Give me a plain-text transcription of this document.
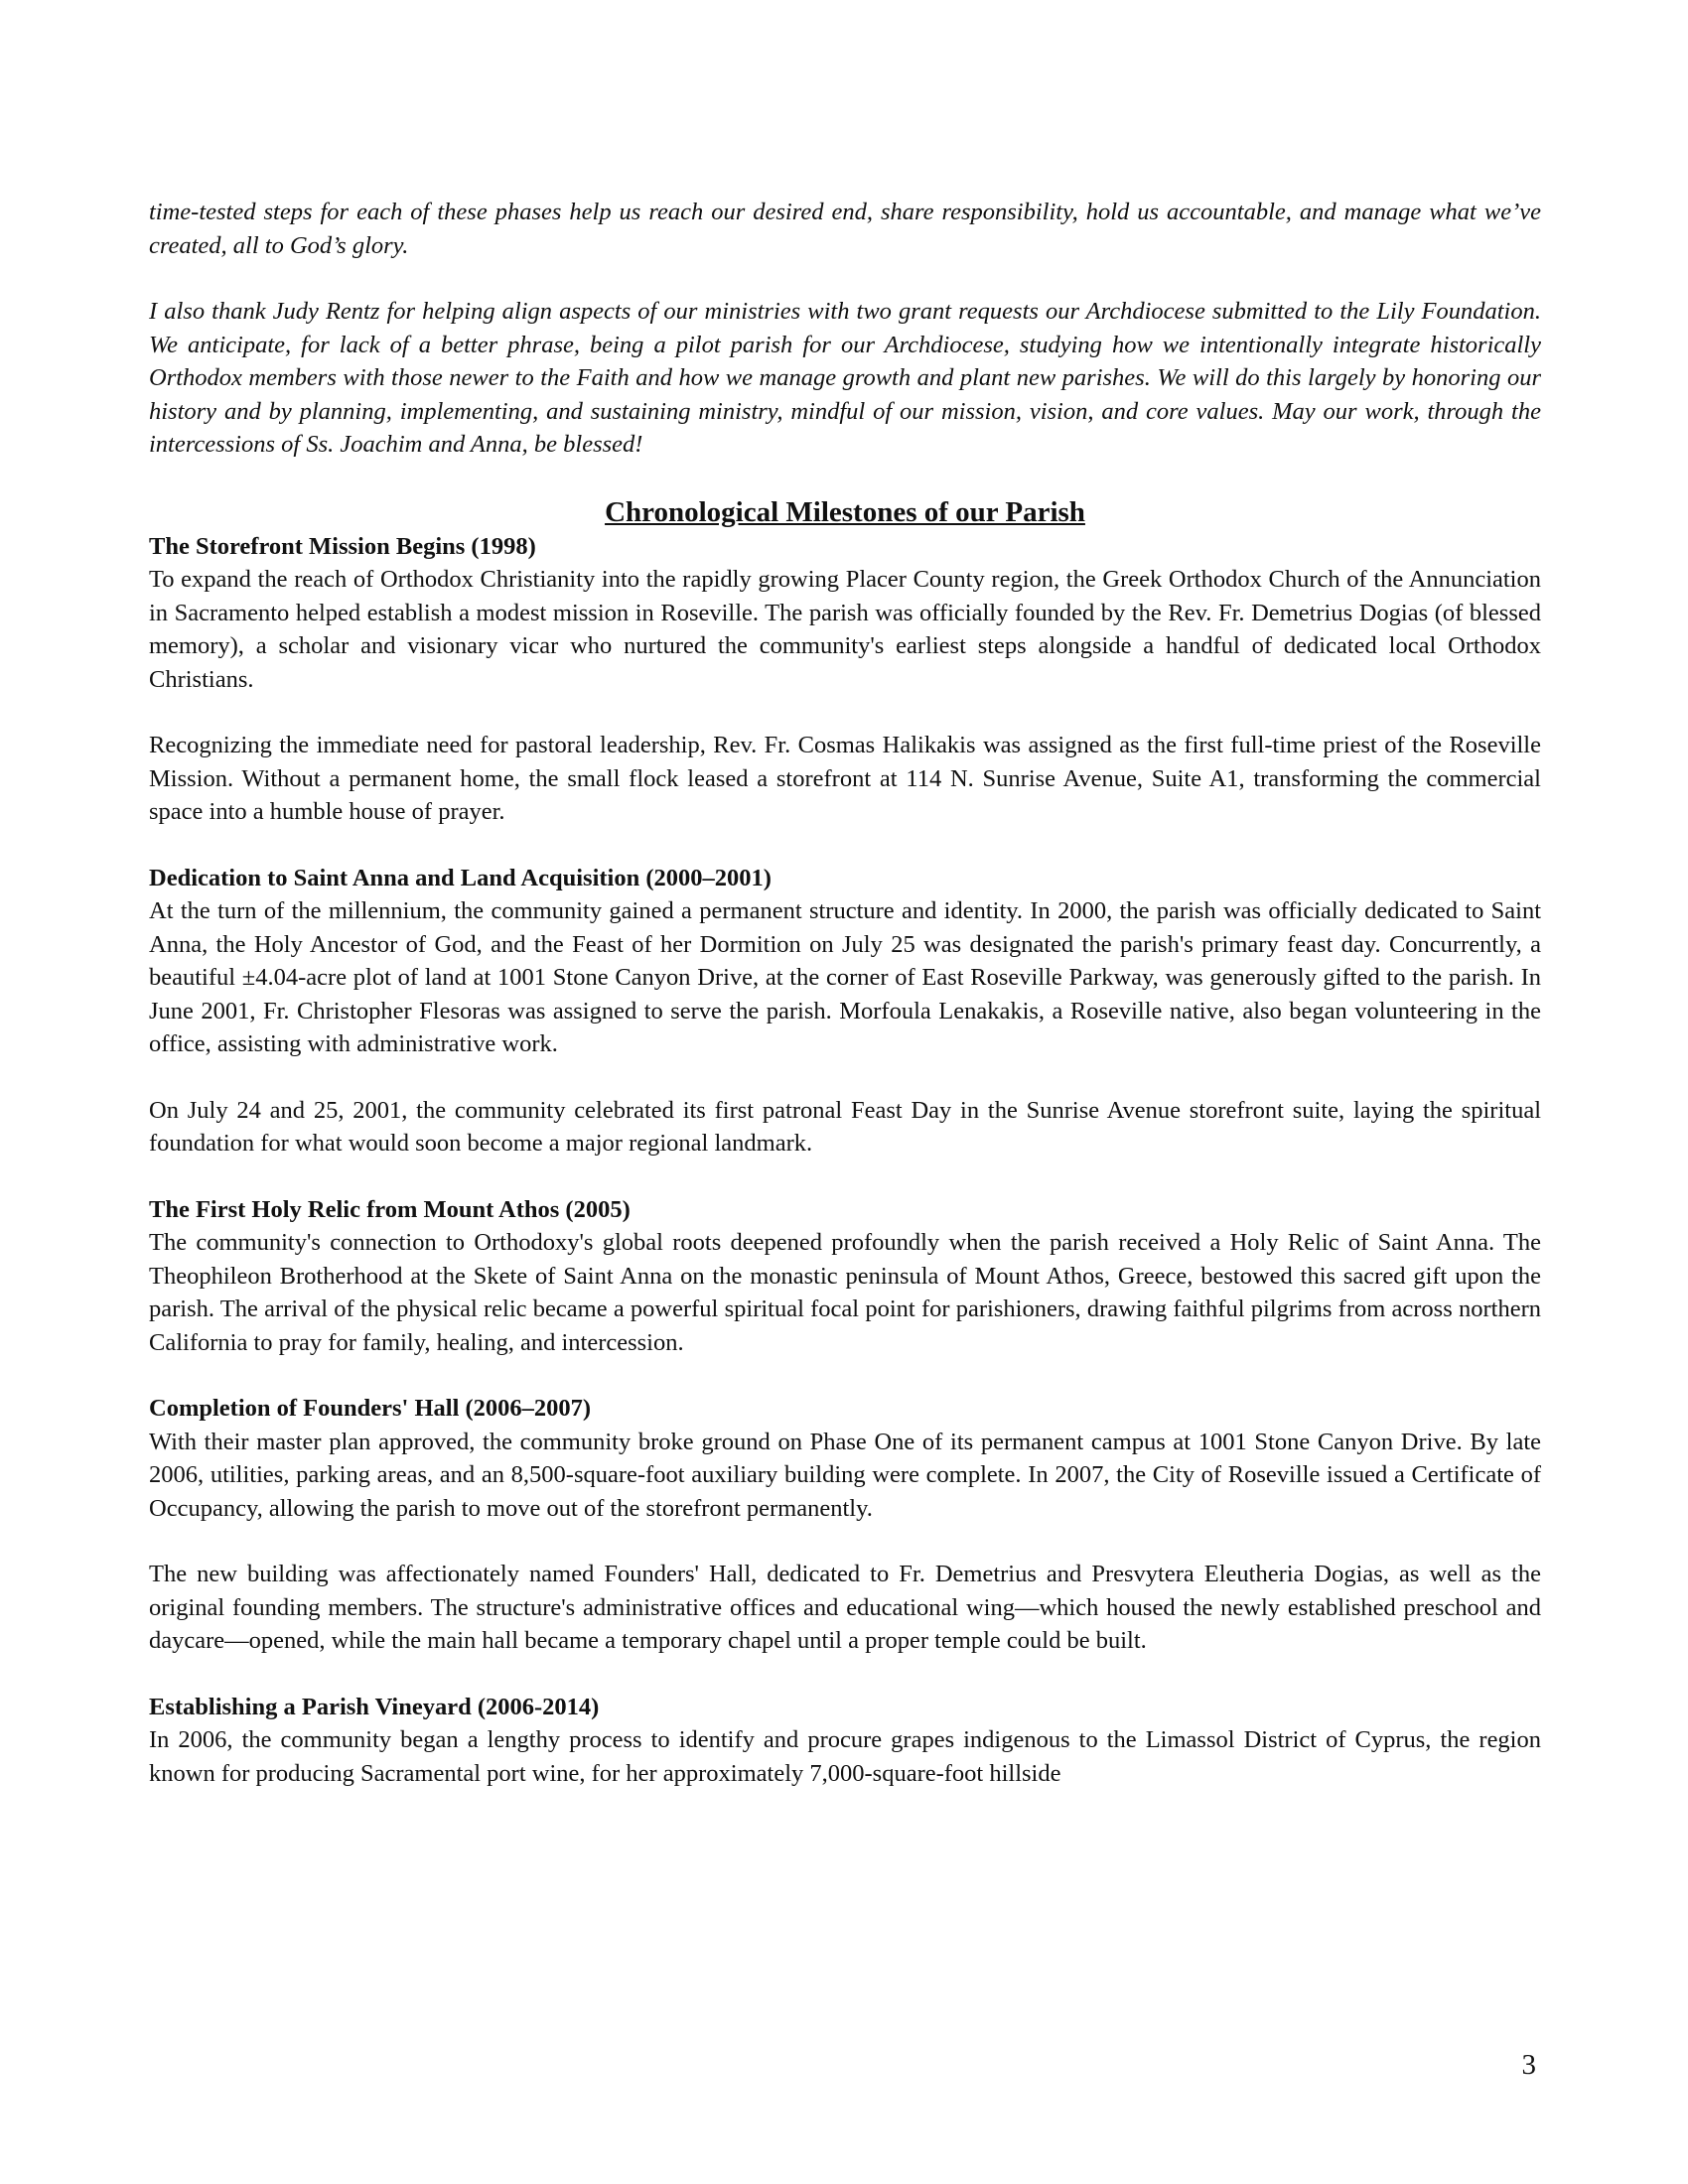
time-tested steps for each of these phases help us reach our desired end, share responsibility, hold us accountable, and manage what we’ve created, all to God’s glory.

I also thank Judy Rentz for helping align aspects of our ministries with two grant requests our Archdiocese submitted to the Lily Foundation. We anticipate, for lack of a better phrase, being a pilot parish for our Archdiocese, studying how we intentionally integrate historically Orthodox members with those newer to the Faith and how we manage growth and plant new parishes. We will do this largely by honoring our history and by planning, implementing, and sustaining ministry, mindful of our mission, vision, and core values. May our work, through the intercessions of Ss. Joachim and Anna, be blessed!

Chronological Milestones of our Parish
The Storefront Mission Begins (1998)

To expand the reach of Orthodox Christianity into the rapidly growing Placer County region, the Greek Orthodox Church of the Annunciation in Sacramento helped establish a modest mission in Roseville. The parish was officially founded by the Rev. Fr. Demetrius Dogias (of blessed memory), a scholar and visionary vicar who nurtured the community's earliest steps alongside a handful of dedicated local Orthodox Christians.

Recognizing the immediate need for pastoral leadership, Rev. Fr. Cosmas Halikakis was assigned as the first full-time priest of the Roseville Mission. Without a permanent home, the small flock leased a storefront at 114 N. Sunrise Avenue, Suite A1, transforming the commercial space into a humble house of prayer.

Dedication to Saint Anna and Land Acquisition (2000–2001)

At the turn of the millennium, the community gained a permanent structure and identity. In 2000, the parish was officially dedicated to Saint Anna, the Holy Ancestor of God, and the Feast of her Dormition on July 25 was designated the parish's primary feast day. Concurrently, a beautiful ±4.04-acre plot of land at 1001 Stone Canyon Drive, at the corner of East Roseville Parkway, was generously gifted to the parish. In June 2001, Fr. Christopher Flesoras was assigned to serve the parish. Morfoula Lenakakis, a Roseville native, also began volunteering in the office, assisting with administrative work.

On July 24 and 25, 2001, the community celebrated its first patronal Feast Day in the Sunrise Avenue storefront suite, laying the spiritual foundation for what would soon become a major regional landmark.

The First Holy Relic from Mount Athos (2005)

The community's connection to Orthodoxy's global roots deepened profoundly when the parish received a Holy Relic of Saint Anna. The Theophileon Brotherhood at the Skete of Saint Anna on the monastic peninsula of Mount Athos, Greece, bestowed this sacred gift upon the parish. The arrival of the physical relic became a powerful spiritual focal point for parishioners, drawing faithful pilgrims from across northern California to pray for family, healing, and intercession.

Completion of Founders' Hall (2006–2007)

With their master plan approved, the community broke ground on Phase One of its permanent campus at 1001 Stone Canyon Drive. By late 2006, utilities, parking areas, and an 8,500-square-foot auxiliary building were complete. In 2007, the City of Roseville issued a Certificate of Occupancy, allowing the parish to move out of the storefront permanently.

The new building was affectionately named Founders' Hall, dedicated to Fr. Demetrius and Presvytera Eleutheria Dogias, as well as the original founding members. The structure's administrative offices and educational wing—which housed the newly established preschool and daycare—opened, while the main hall became a temporary chapel until a proper temple could be built.

Establishing a Parish Vineyard (2006-2014)

In 2006, the community began a lengthy process to identify and procure grapes indigenous to the Limassol District of Cyprus, the region known for producing Sacramental port wine, for her approximately 7,000-square-foot hillside

3
